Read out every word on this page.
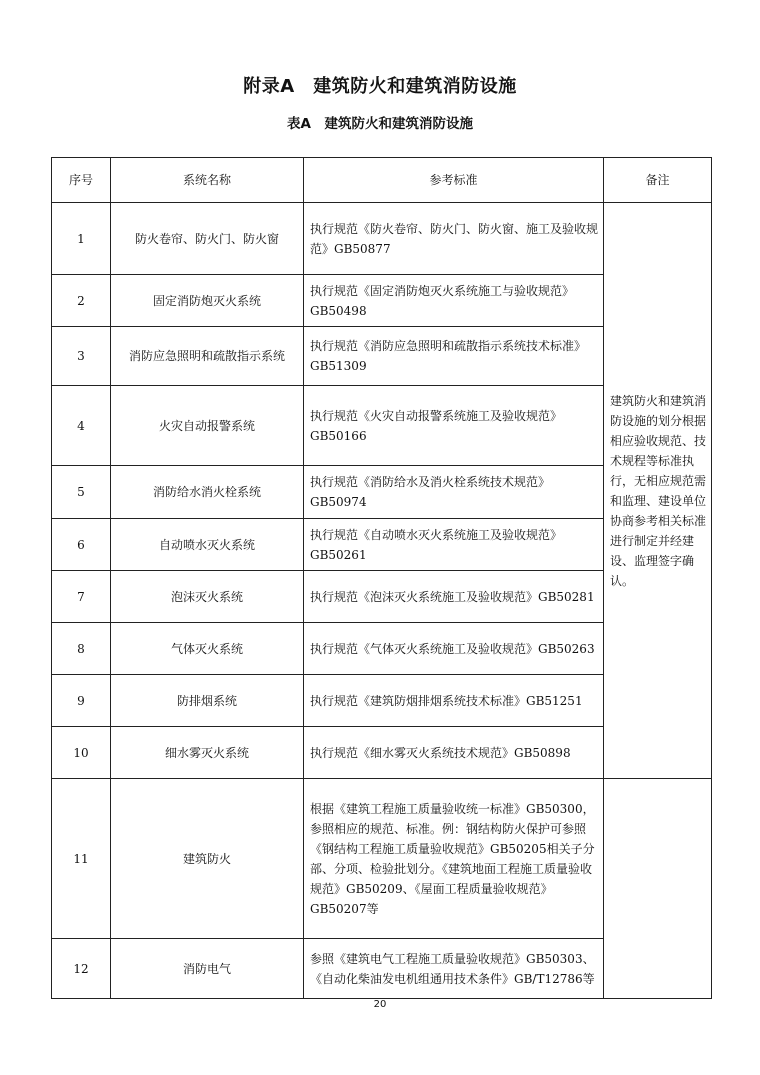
附录A　建筑防火和建筑消防设施
表A　建筑防火和建筑消防设施
序号	系统名称	参考标准	备注
1	防火卷帘、防火门、防火窗	执行规范《防火卷帘、防火门、防火窗、施工及验收规范》GB50877	建筑防火和建筑消防设施的划分根据相应验收规范、技术规程等标准执行，无相应规范需和监理、建设单位协商参考相关标准进行制定并经建设、监理签字确认。
2	固定消防炮灭火系统	执行规范《固定消防炮灭火系统施工与验收规范》GB50498	
3	消防应急照明和疏散指示系统	执行规范《消防应急照明和疏散指示系统技术标准》GB51309	
4	火灾自动报警系统	执行规范《火灾自动报警系统施工及验收规范》GB50166	
5	消防给水消火栓系统	执行规范《消防给水及消火栓系统技术规范》GB50974	
6	自动喷水灭火系统	执行规范《自动喷水灭火系统施工及验收规范》GB50261	
7	泡沫灭火系统	执行规范《泡沫灭火系统施工及验收规范》GB50281	
8	气体灭火系统	执行规范《气体灭火系统施工及验收规范》GB50263	
9	防排烟系统	执行规范《建筑防烟排烟系统技术标准》GB51251	
10	细水雾灭火系统	执行规范《细水雾灭火系统技术规范》GB50898	
11	建筑防火	根据《建筑工程施工质量验收统一标准》GB50300，参照相应的规范、标准。例：钢结构防火保护可参照《钢结构工程施工质量验收规范》GB50205相关子分部、分项、检验批划分。《建筑地面工程施工质量验收规范》GB50209、《屋面工程质量验收规范》GB50207等	
12	消防电气	参照《建筑电气工程施工质量验收规范》GB50303、《自动化柴油发电机组通用技术条件》GB/T12786等	
20
